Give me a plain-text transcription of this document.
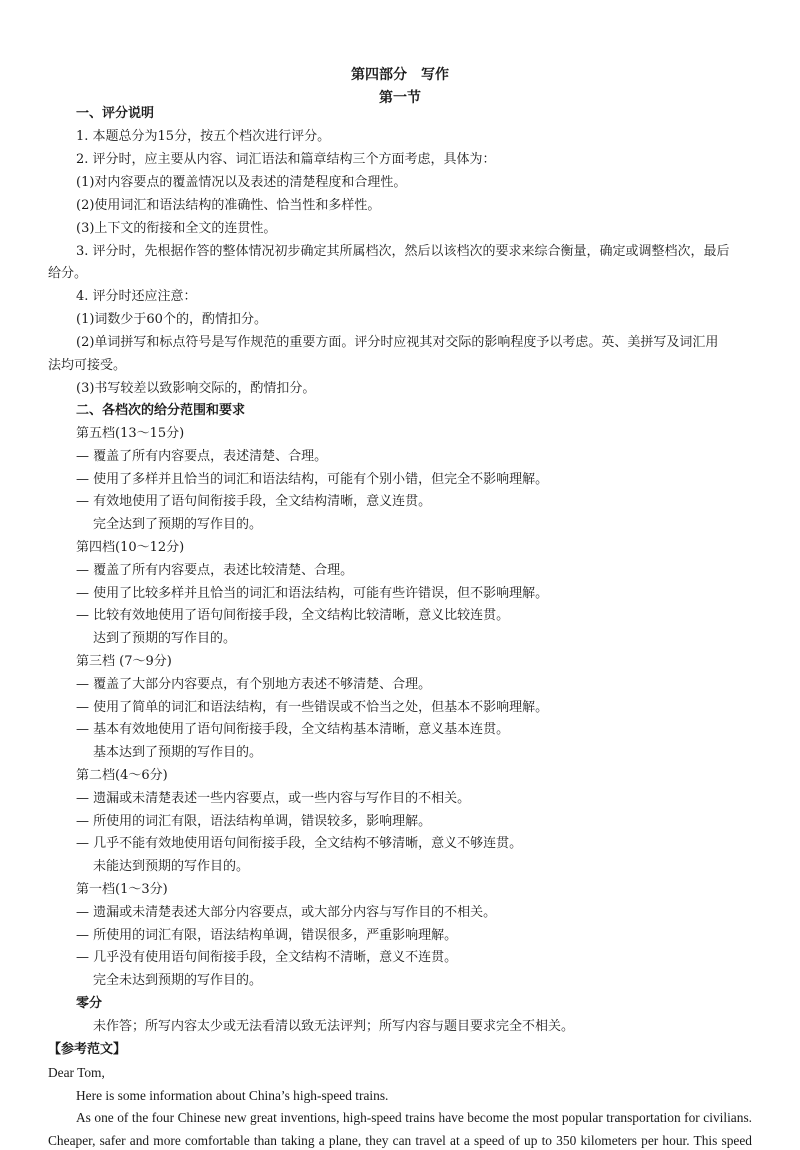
第四部分　写作
第一节
一、评分说明
1. 本题总分为15分，按五个档次进行评分。
2. 评分时，应主要从内容、词汇语法和篇章结构三个方面考虑，具体为：
(1)对内容要点的覆盖情况以及表述的清楚程度和合理性。
(2)使用词汇和语法结构的准确性、恰当性和多样性。
(3)上下文的衔接和全文的连贯性。
3. 评分时，先根据作答的整体情况初步确定其所属档次，然后以该档次的要求来综合衡量，确定或调整档次，最后
给分。
4. 评分时还应注意：
(1)词数少于60个的，酌情扣分。
(2)单词拼写和标点符号是写作规范的重要方面。评分时应视其对交际的影响程度予以考虑。英、美拼写及词汇用
法均可接受。
(3)书写较差以致影响交际的，酌情扣分。
二、各档次的给分范围和要求
第五档(13～15分)
— 覆盖了所有内容要点，表述清楚、合理。
— 使用了多样并且恰当的词汇和语法结构，可能有个别小错，但完全不影响理解。
— 有效地使用了语句间衔接手段，全文结构清晰，意义连贯。
完全达到了预期的写作目的。
第四档(10～12分)
— 覆盖了所有内容要点，表述比较清楚、合理。
— 使用了比较多样并且恰当的词汇和语法结构，可能有些许错误，但不影响理解。
— 比较有效地使用了语句间衔接手段，全文结构比较清晰，意义比较连贯。
达到了预期的写作目的。
第三档 (7～9分)
— 覆盖了大部分内容要点，有个别地方表述不够清楚、合理。
— 使用了简单的词汇和语法结构，有一些错误或不恰当之处，但基本不影响理解。
— 基本有效地使用了语句间衔接手段，全文结构基本清晰，意义基本连贯。
基本达到了预期的写作目的。
第二档(4～6分)
— 遗漏或未清楚表述一些内容要点，或一些内容与写作目的不相关。
— 所使用的词汇有限，语法结构单调，错误较多，影响理解。
— 几乎不能有效地使用语句间衔接手段，全文结构不够清晰，意义不够连贯。
未能达到预期的写作目的。
第一档(1～3分)
— 遗漏或未清楚表述大部分内容要点，或大部分内容与写作目的不相关。
— 所使用的词汇有限，语法结构单调，错误很多，严重影响理解。
— 几乎没有使用语句间衔接手段，全文结构不清晰，意义不连贯。
完全未达到预期的写作目的。
零分
未作答；所写内容太少或无法看清以致无法评判；所写内容与题目要求完全不相关。
【参考范文】
Dear Tom,
Here is some information about China’s high-speed trains.
As one of the four Chinese new great inventions, high-speed trains have become the most popular transportation for civilians.
Cheaper, safer and more comfortable than taking a plane, they can travel at a speed of up to 350 kilometers per hour. This speed
